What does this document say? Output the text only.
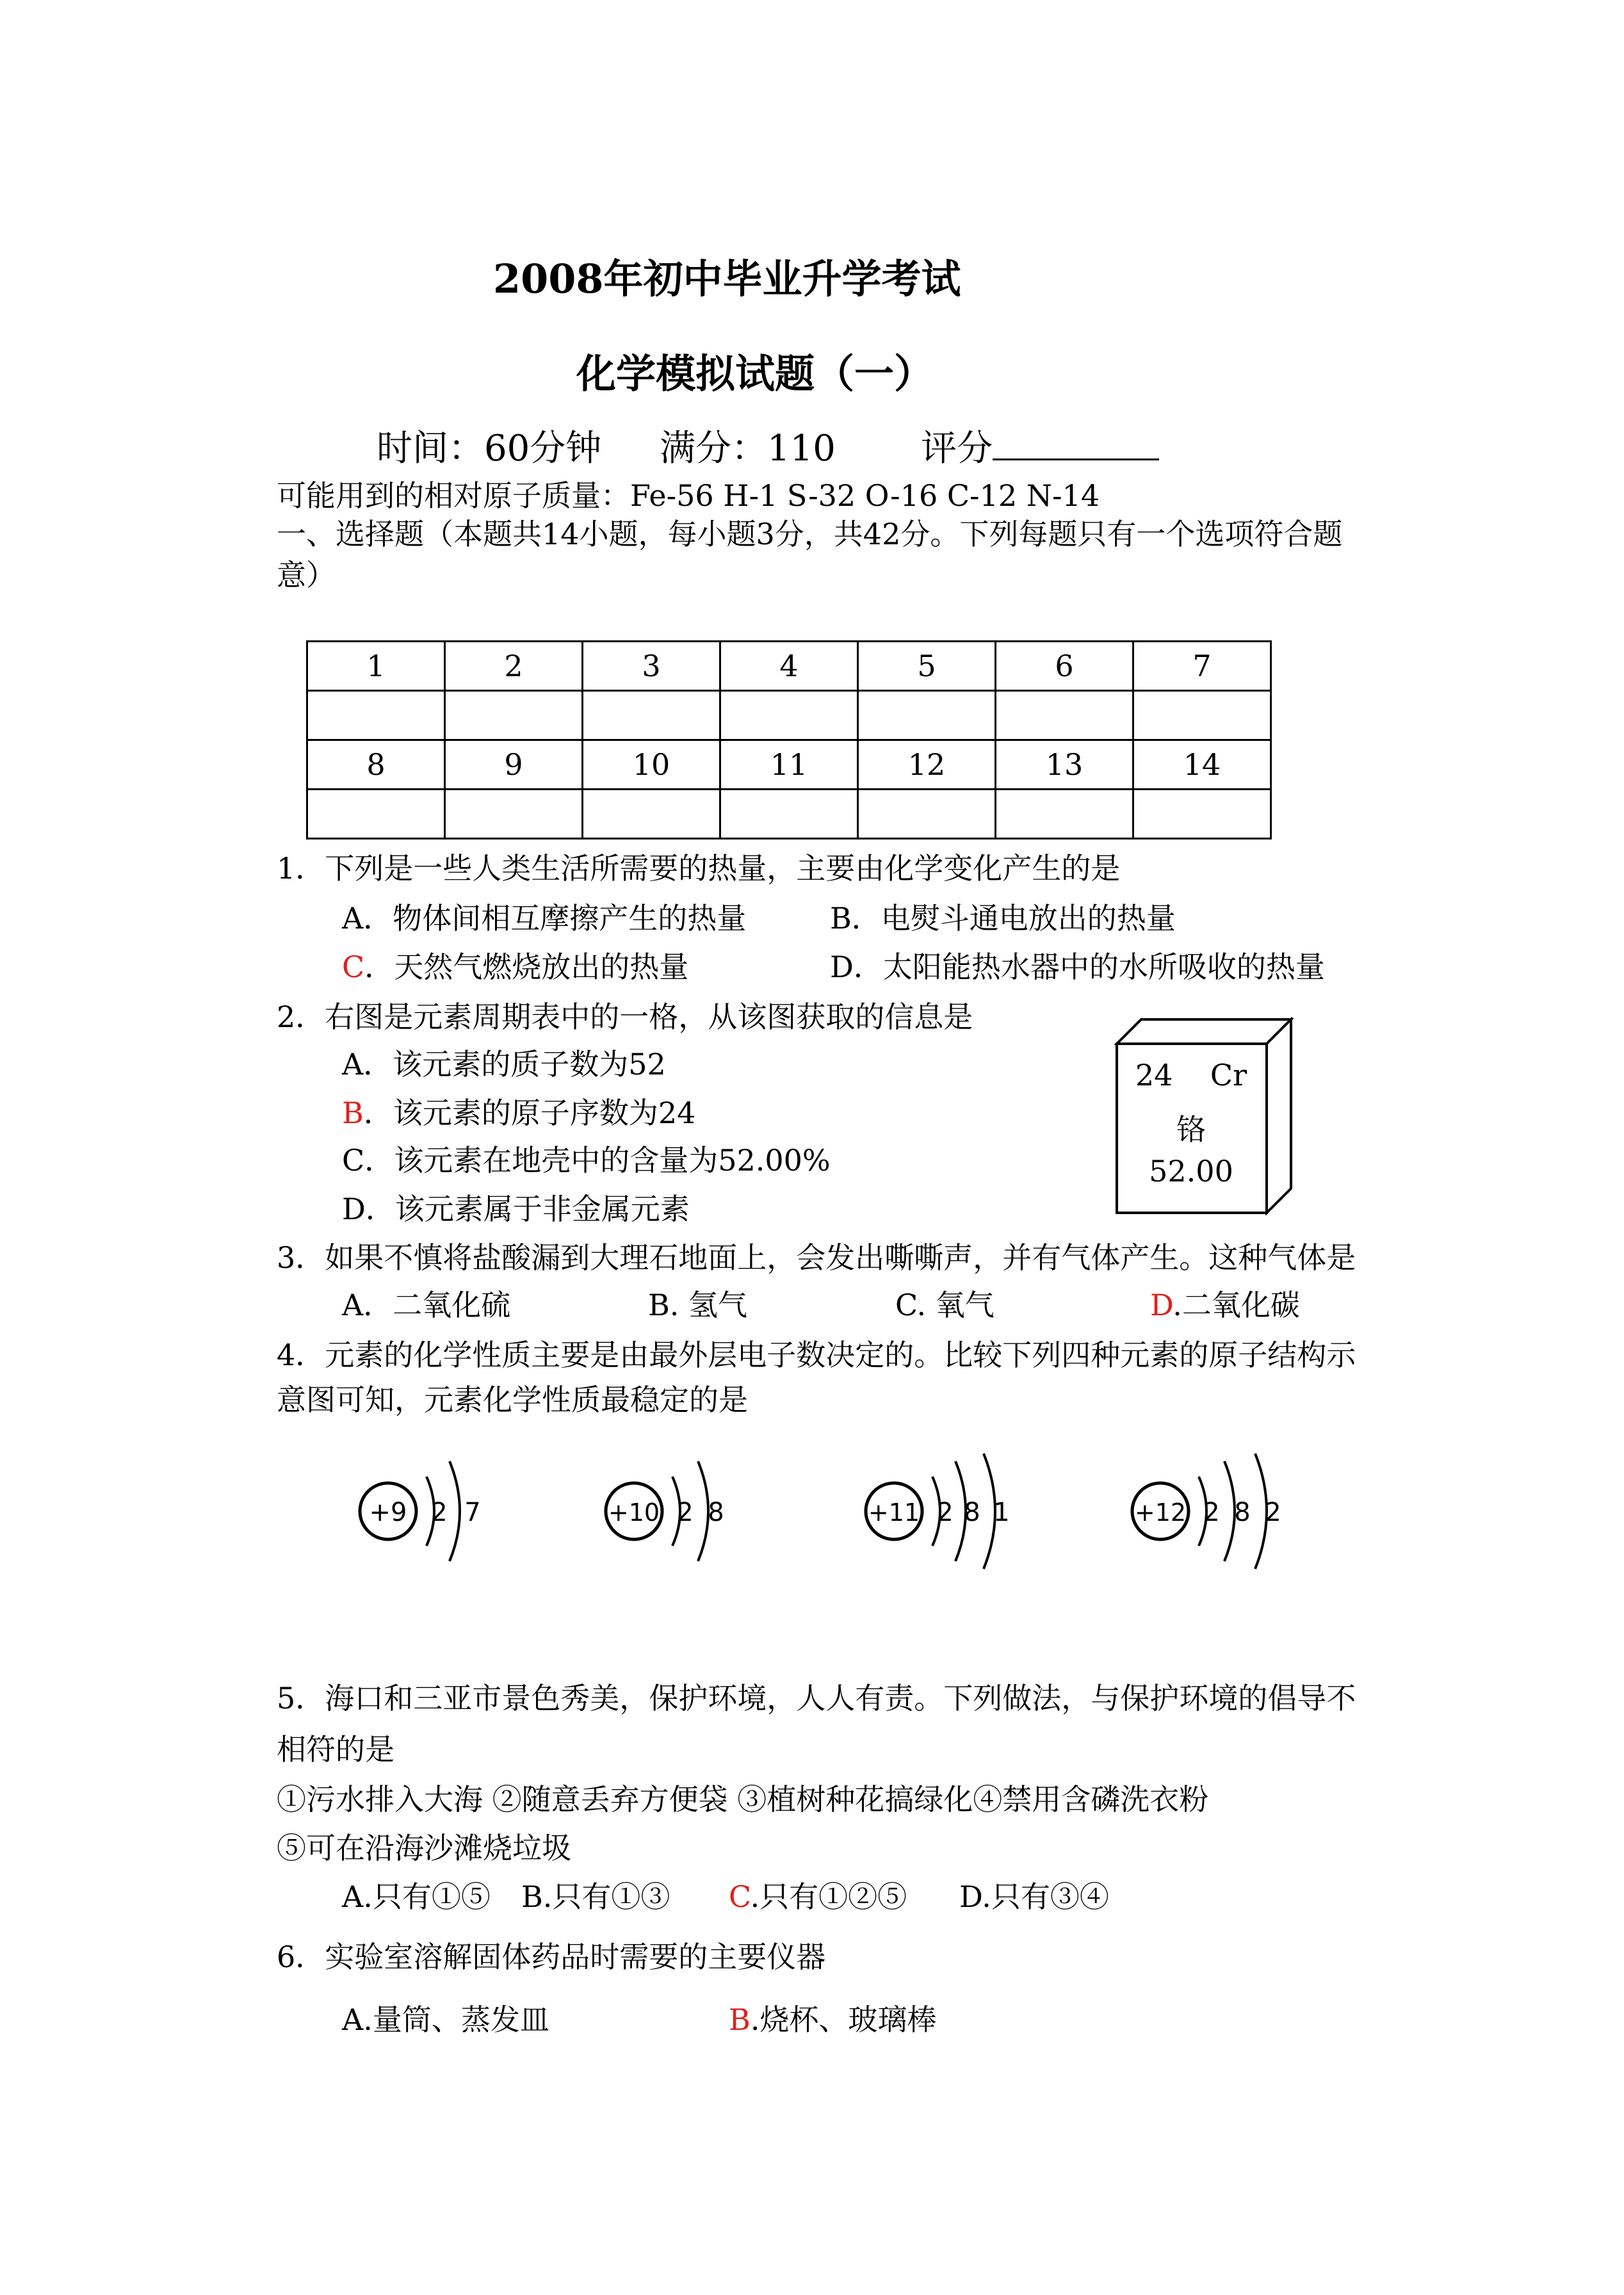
2008年初中毕业升学考试
化学模拟试题（一）
时间：60分钟 满分：110 评分
可能用到的相对原子质量：Fe-56 H-1 S-32 O-16 C-12 N-14
一、选择题（本题共14小题，每小题3分，共42分。下列每题只有一个选项符合题
意）
1	2	3	4	5	6	7

8	9	10	11	12	13	14

1．下列是一些人类生活所需要的热量，主要由化学变化产生的是
A．物体间相互摩擦产生的热量	B．电熨斗通电放出的热量
C．天然气燃烧放出的热量	D．太阳能热水器中的水所吸收的热量
2．右图是元素周期表中的一格，从该图获取的信息是
A．该元素的质子数为52
B．该元素的原子序数为24
C．该元素在地壳中的含量为52.00%
D．该元素属于非金属元素
24 Cr
铬
52.00
3．如果不慎将盐酸漏到大理石地面上，会发出嘶嘶声，并有气体产生。这种气体是
A．二氧化硫	B. 氢气	C. 氧气	D.二氧化碳
4．元素的化学性质主要是由最外层电子数决定的。比较下列四种元素的原子结构示
意图可知，元素化学性质最稳定的是
+9 2 7	+10 2 8	+11 2 8 1	+12 2 8 2
5．海口和三亚市景色秀美，保护环境，人人有责。下列做法，与保护环境的倡导不
相符的是
①污水排入大海 ②随意丢弃方便袋 ③植树种花搞绿化④禁用含磷洗衣粉
⑤可在沿海沙滩烧垃圾
A.只有①⑤ B.只有①③ C.只有①②⑤ D.只有③④
6．实验室溶解固体药品时需要的主要仪器
A.量筒、蒸发皿	B.烧杯、玻璃棒
